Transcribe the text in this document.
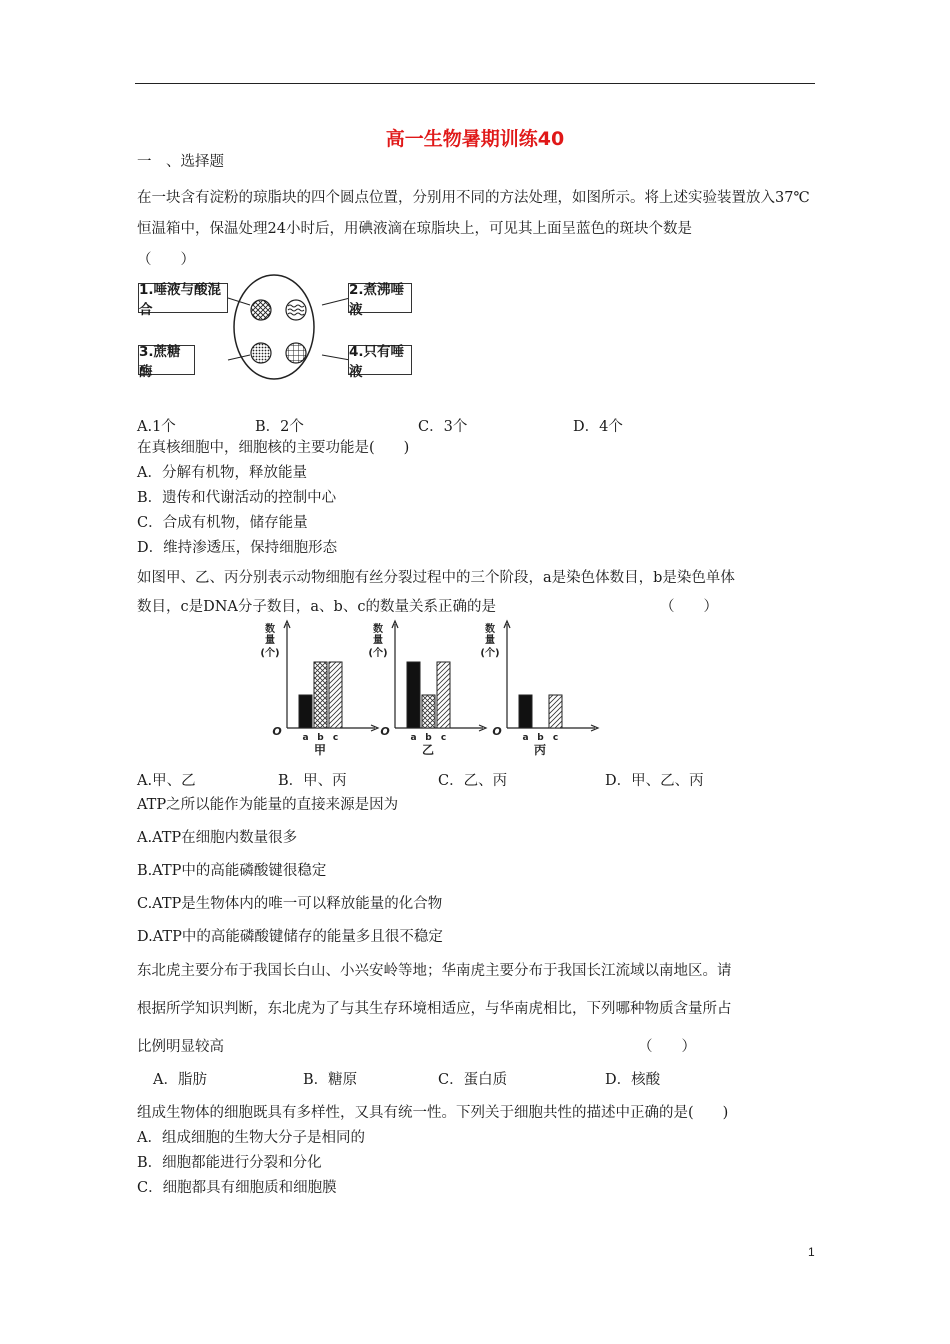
高一生物暑期训练40
一　、选择题
在一块含有淀粉的琼脂块的四个圆点位置，分别用不同的方法处理，如图所示。将上述实验装置放入37℃恒温箱中，保温处理24小时后，用碘液滴在琼脂块上，可见其上面呈蓝色的斑块个数是　　　　　　　　　　　　　　　　（　　）
1.唾液与酸混合
2.煮沸唾液
3.蔗糖酶
4.只有唾液
A.1个	B．2个	C．3个	D．4个
在真核细胞中，细胞核的主要功能是(　　)
A．分解有机物，释放能量
B．遗传和代谢活动的控制中心
C．合成有机物，储存能量
D．维持渗透压，保持细胞形态
如图甲、乙、丙分别表示动物细胞有丝分裂过程中的三个阶段，a是染色体数目，b是染色单体
数目，c是DNA分子数目，a、b、c的数量关系正确的是	（　　）
数
量
(个)
O a b c
甲
数
量
(个)
O a b c
乙
数
量
(个)
O a b c
丙
A.甲、乙	B．甲、丙	C．乙、丙	D．甲、乙、丙
ATP之所以能作为能量的直接来源是因为
A.ATP在细胞内数量很多
B.ATP中的高能磷酸键很稳定
C.ATP是生物体内的唯一可以释放能量的化合物
D.ATP中的高能磷酸键储存的能量多且很不稳定
东北虎主要分布于我国长白山、小兴安岭等地；华南虎主要分布于我国长江流域以南地区。请
根据所学知识判断，东北虎为了与其生存环境相适应，与华南虎相比，下列哪种物质含量所占
比例明显较高	（　　）
A．脂肪	B．糖原	C．蛋白质	D．核酸
组成生物体的细胞既具有多样性，又具有统一性。下列关于细胞共性的描述中正确的是(　　)
A．组成细胞的生物大分子是相同的
B．细胞都能进行分裂和分化
C．细胞都具有细胞质和细胞膜
1
